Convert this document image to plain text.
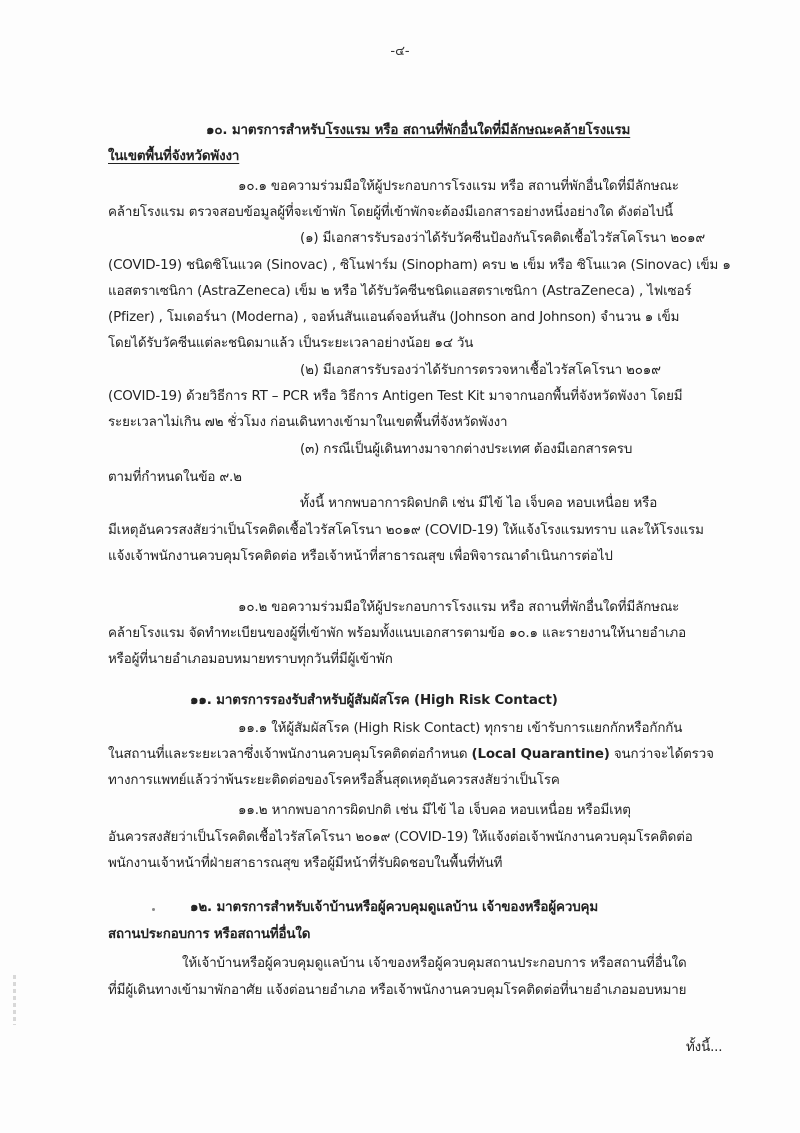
-๔-
๑๐. มาตรการสำหรับโรงแรม หรือ สถานที่พักอื่นใดที่มีลักษณะคล้ายโรงแรม
ในเขตพื้นที่จังหวัดพังงา
๑๐.๑ ขอความร่วมมือให้ผู้ประกอบการโรงแรม หรือ สถานที่พักอื่นใดที่มีลักษณะ
คล้ายโรงแรม ตรวจสอบข้อมูลผู้ที่จะเข้าพัก โดยผู้ที่เข้าพักจะต้องมีเอกสารอย่างหนึ่งอย่างใด ดังต่อไปนี้
(๑) มีเอกสารรับรองว่าได้รับวัคซีนป้องกันโรคติดเชื้อไวรัสโคโรนา ๒๐๑๙
(COVID-19) ชนิดซิโนแวค (Sinovac) , ซิโนฟาร์ม (Sinopham) ครบ ๒ เข็ม หรือ ซิโนแวค (Sinovac) เข็ม ๑
แอสตราเซนิกา (AstraZeneca) เข็ม ๒ หรือ ได้รับวัคซีนชนิดแอสตราเซนิกา (AstraZeneca) , ไฟเซอร์
(Pfizer) , โมเดอร์นา (Moderna) , จอห์นสันแอนด์จอห์นสัน (Johnson and Johnson) จำนวน ๑ เข็ม
โดยได้รับวัคซีนแต่ละชนิดมาแล้ว เป็นระยะเวลาอย่างน้อย ๑๔ วัน
(๒) มีเอกสารรับรองว่าได้รับการตรวจหาเชื้อไวรัสโคโรนา ๒๐๑๙
(COVID-19) ด้วยวิธีการ RT – PCR หรือ วิธีการ Antigen Test Kit มาจากนอกพื้นที่จังหวัดพังงา โดยมี
ระยะเวลาไม่เกิน ๗๒ ชั่วโมง ก่อนเดินทางเข้ามาในเขตพื้นที่จังหวัดพังงา
(๓) กรณีเป็นผู้เดินทางมาจากต่างประเทศ ต้องมีเอกสารครบ
ตามที่กำหนดในข้อ ๙.๒
ทั้งนี้ หากพบอาการผิดปกติ เช่น มีไข้ ไอ เจ็บคอ หอบเหนื่อย หรือ
มีเหตุอันควรสงสัยว่าเป็นโรคติดเชื้อไวรัสโคโรนา ๒๐๑๙ (COVID-19) ให้แจ้งโรงแรมทราบ และให้โรงแรม
แจ้งเจ้าพนักงานควบคุมโรคติดต่อ หรือเจ้าหน้าที่สาธารณสุข เพื่อพิจารณาดำเนินการต่อไป
๑๐.๒ ขอความร่วมมือให้ผู้ประกอบการโรงแรม หรือ สถานที่พักอื่นใดที่มีลักษณะ
คล้ายโรงแรม จัดทำทะเบียนของผู้ที่เข้าพัก พร้อมทั้งแนบเอกสารตามข้อ ๑๐.๑ และรายงานให้นายอำเภอ
หรือผู้ที่นายอำเภอมอบหมายทราบทุกวันที่มีผู้เข้าพัก
๑๑. มาตรการรองรับสำหรับผู้สัมผัสโรค (High Risk Contact)
๑๑.๑ ให้ผู้สัมผัสโรค (High Risk Contact) ทุกราย เข้ารับการแยกกักหรือกักกัน
ในสถานที่และระยะเวลาซึ่งเจ้าพนักงานควบคุมโรคติดต่อกำหนด (Local Quarantine) จนกว่าจะได้ตรวจ
ทางการแพทย์แล้วว่าพ้นระยะติดต่อของโรคหรือสิ้นสุดเหตุอันควรสงสัยว่าเป็นโรค
๑๑.๒ หากพบอาการผิดปกติ เช่น มีไข้ ไอ เจ็บคอ หอบเหนื่อย หรือมีเหตุ
อันควรสงสัยว่าเป็นโรคติดเชื้อไวรัสโคโรนา ๒๐๑๙ (COVID-19) ให้แจ้งต่อเจ้าพนักงานควบคุมโรคติดต่อ
พนักงานเจ้าหน้าที่ฝ่ายสาธารณสุข หรือผู้มีหน้าที่รับผิดชอบในพื้นที่ทันที
๑๒. มาตรการสำหรับเจ้าบ้านหรือผู้ควบคุมดูแลบ้าน เจ้าของหรือผู้ควบคุม
สถานประกอบการ หรือสถานที่อื่นใด
ให้เจ้าบ้านหรือผู้ควบคุมดูแลบ้าน เจ้าของหรือผู้ควบคุมสถานประกอบการ หรือสถานที่อื่นใด
ที่มีผู้เดินทางเข้ามาพักอาศัย แจ้งต่อนายอำเภอ หรือเจ้าพนักงานควบคุมโรคติดต่อที่นายอำเภอมอบหมาย
ทั้งนี้...
